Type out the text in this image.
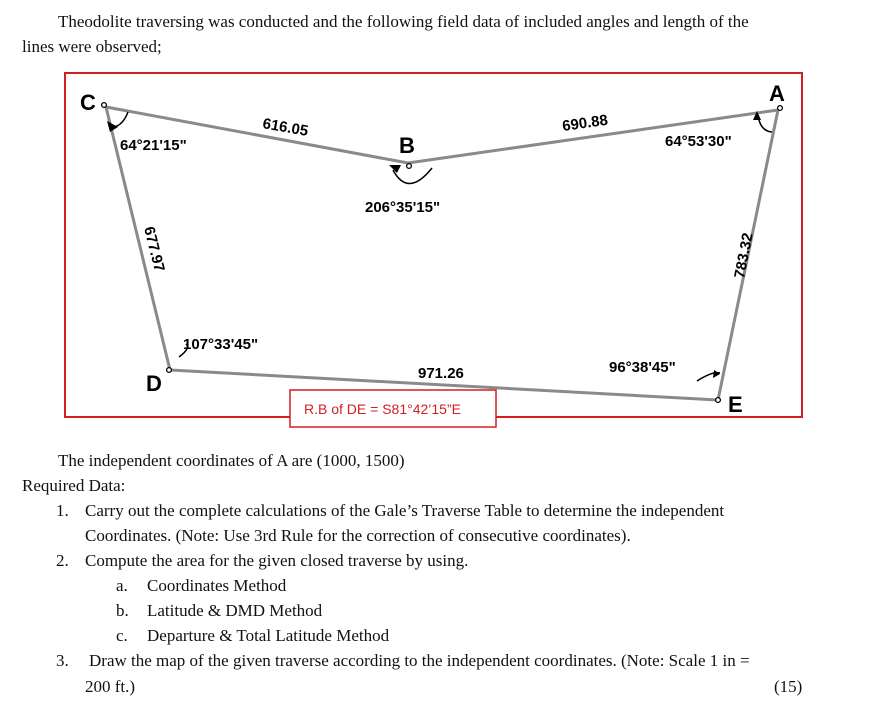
Theodolite traversing was conducted and the following field data of included angles and length of the
lines were observed;
C
B
A
D
E
64°21'15"
206°35'15"
64°53'30"
107°33'45"
96°38'45"
616.05	690.88
677.97	783.32
971.26
R.B of DE = S81°42’15”E
The independent coordinates of A are (1000, 1500)
Required Data:
1. Carry out the complete calculations of the Gale’s Traverse Table to determine the independent
Coordinates. (Note: Use 3rd Rule for the correction of consecutive coordinates).
2. Compute the area for the given closed traverse by using.
a. Coordinates Method
b. Latitude & DMD Method
c. Departure & Total Latitude Method
3. Draw the map of the given traverse according to the independent coordinates. (Note: Scale 1 in =
200 ft.)	(15)
